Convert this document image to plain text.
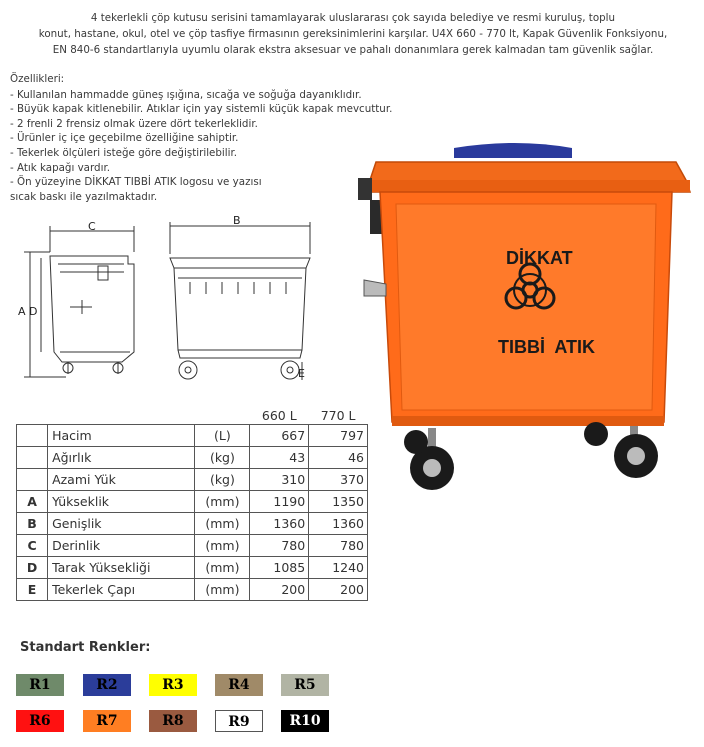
4 tekerlekli çöp kutusu serisini tamamlayarak uluslararası çok sayıda belediye ve resmi kuruluş, toplu
konut, hastane, okul, otel ve çöp tasfiye firmasının gereksinimlerini karşılar. U4X 660 - 770 lt, Kapak Güvenlik Fonksiyonu,
EN 840-6 standartlarıyla uyumlu olarak ekstra aksesuar ve pahalı donanımlara gerek kalmadan tam güvenlik sağlar.
Özellikleri:
- Kullanılan hammadde güneş ışığına, sıcağa ve soğuğa dayanıklıdır.
- Büyük kapak kitlenebilir. Atıklar için yay sistemli küçük kapak mevcuttur.
- 2 frenli 2 frensiz olmak üzere dört tekerleklidir.
- Ürünler iç içe geçebilme özelliğine sahiptir.
- Tekerlek ölçüleri isteğe göre değiştirilebilir.
- Atık kapağı vardır.
- Ön yüzeyine DİKKAT TIBBİ ATIK logosu ve yazısı
sıcak baskı ile yazılmaktadır.
C	B
A D
E
DİKKAT
TIBBİ  ATIK
			660 L	770 L
	Hacim	(L)	667	797
	Ağırlık	(kg)	43	46
	Azami Yük	(kg)	310	370
A	Yükseklik	(mm)	1190	1350
B	Genişlik	(mm)	1360	1360
C	Derinlik	(mm)	780	780
D	Tarak Yüksekliği	(mm)	1085	1240
E	Tekerlek Çapı	(mm)	200	200
Standart Renkler:
R1	R2	R3	R4	R5
R6	R7	R8	R9	R10
